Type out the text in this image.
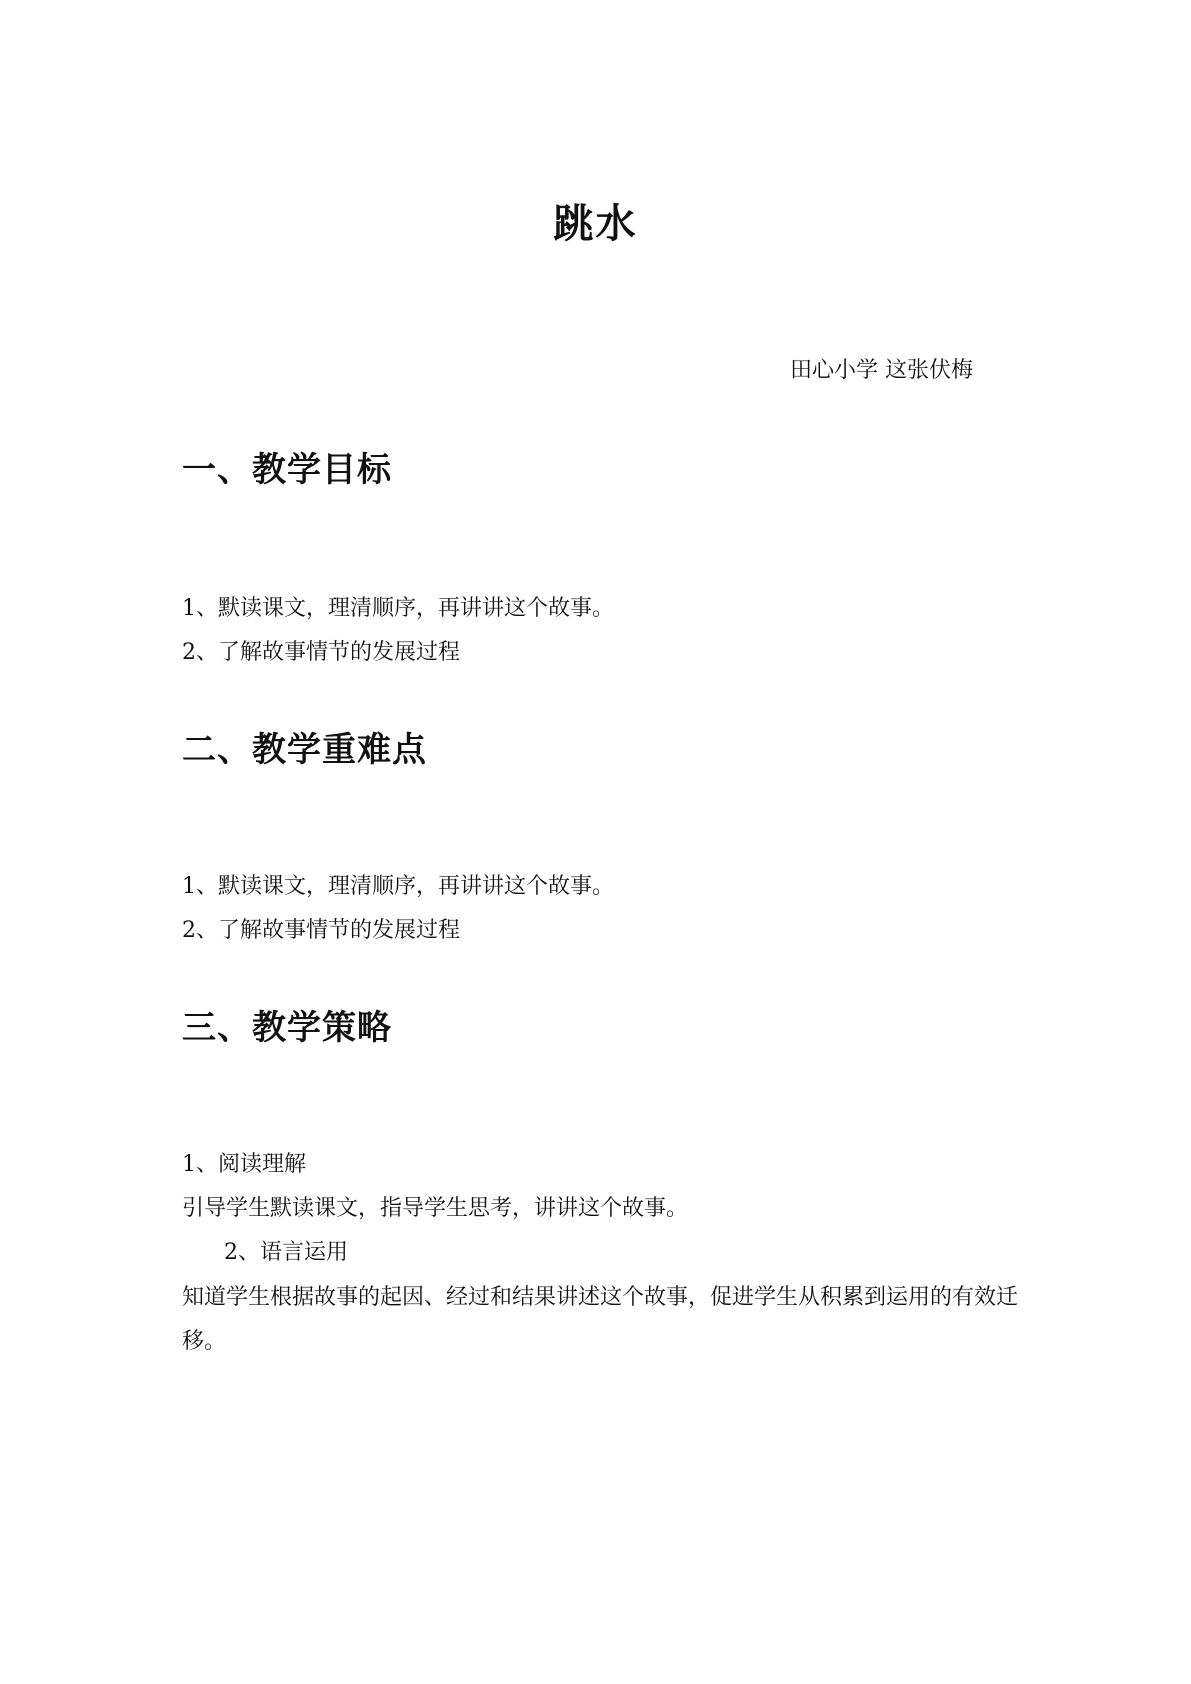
跳水
田心小学 这张伏梅
一、教学目标
1、默读课文，理清顺序，再讲讲这个故事。
2、了解故事情节的发展过程
二、教学重难点
1、默读课文，理清顺序，再讲讲这个故事。
2、了解故事情节的发展过程
三、教学策略
1、阅读理解
引导学生默读课文，指导学生思考，讲讲这个故事。
2、语言运用
知道学生根据故事的起因、经过和结果讲述这个故事，促进学生从积累到运用的有效迁移。
